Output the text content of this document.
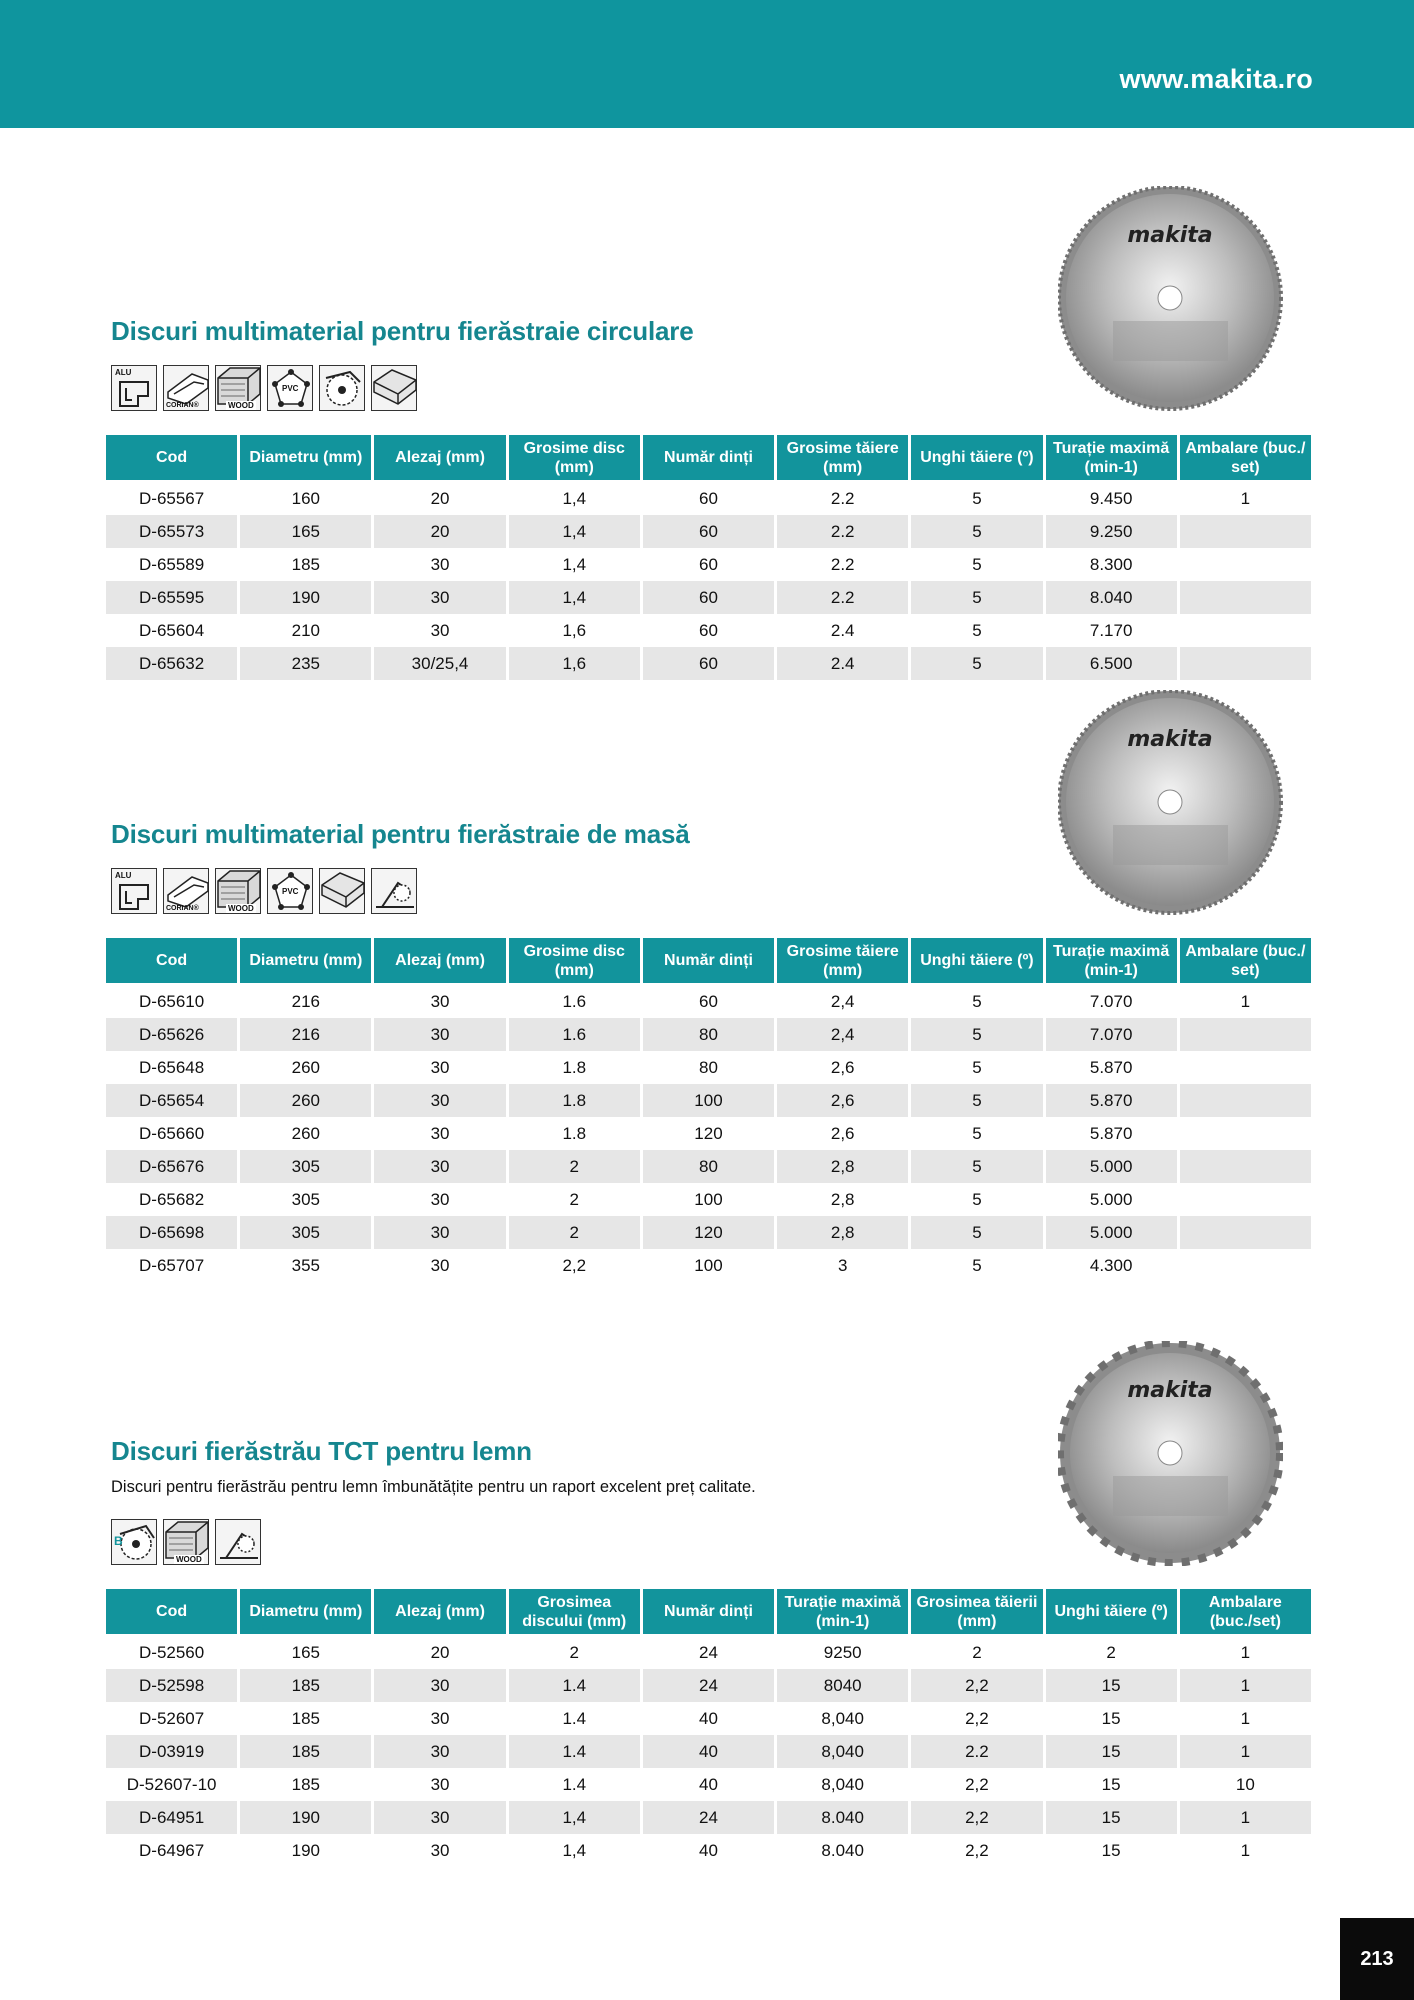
www.makita.ro
makita
Discuri multimaterial pentru fierăstraie circulare
ALU
CORIAN®	WOOD
PVC
Cod	Diametru (mm)	Alezaj (mm)	Grosime disc (mm)	Număr dinți	Grosime tăiere (mm)	Unghi tăiere (º)	Turație maximă (min-1)	Ambalare (buc./ set)
D-65567	160	20	1,4	60	2.2	5	9.450	1
D-65573	165	20	1,4	60	2.2	5	9.250	
D-65589	185	30	1,4	60	2.2	5	8.300	
D-65595	190	30	1,4	60	2.2	5	8.040	
D-65604	210	30	1,6	60	2.4	5	7.170	
D-65632	235	30/25,4	1,6	60	2.4	5	6.500	
makita
Discuri multimaterial pentru fierăstraie de masă
ALU
CORIAN®	WOOD
PVC
Cod	Diametru (mm)	Alezaj (mm)	Grosime disc (mm)	Număr dinți	Grosime tăiere (mm)	Unghi tăiere (º)	Turație maximă (min-1)	Ambalare (buc./ set)
D-65610	216	30	1.6	60	2,4	5	7.070	1
D-65626	216	30	1.6	80	2,4	5	7.070	
D-65648	260	30	1.8	80	2,6	5	5.870	
D-65654	260	30	1.8	100	2,6	5	5.870	
D-65660	260	30	1.8	120	2,6	5	5.870	
D-65676	305	30	2	80	2,8	5	5.000	
D-65682	305	30	2	100	2,8	5	5.000	
D-65698	305	30	2	120	2,8	5	5.000	
D-65707	355	30	2,2	100	3	5	4.300	
makita
Discuri fierăstrău TCT pentru lemn

Discuri pentru fierăstrău pentru lemn îmbunătățite pentru un raport excelent preț calitate.

B
WOOD
Cod	Diametru (mm)	Alezaj (mm)	Grosimea discului (mm)	Număr dinți	Turație maximă (min-1)	Grosimea tăierii (mm)	Unghi tăiere (º)	Ambalare (buc./set)
D-52560	165	20	2	24	9250	2	2	1
D-52598	185	30	1.4	24	8040	2,2	15	1
D-52607	185	30	1.4	40	8,040	2,2	15	1
D-03919	185	30	1.4	40	8,040	2.2	15	1
D-52607-10	185	30	1.4	40	8,040	2,2	15	10
D-64951	190	30	1,4	24	8.040	2,2	15	1
D-64967	190	30	1,4	40	8.040	2,2	15	1
213
